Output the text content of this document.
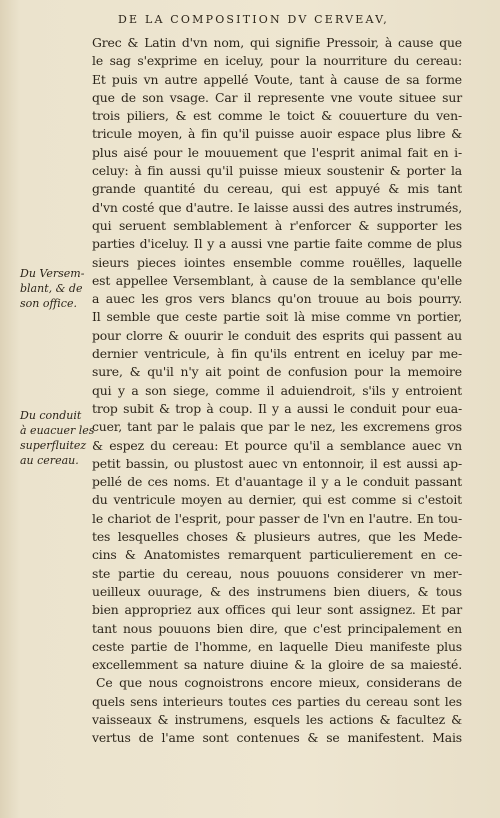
DE LA COMPOSITION DV CERVEAV,
Du Versem-
blant, & de
son office.
Du conduit
à euacuer les
superfluitez
au cereau.
Grec & Latin d'vn nom, qui signifie Pressoir, à cause que
le sag s'exprime en iceluy, pour la nourriture du cereau:
Et puis vn autre appellé Voute, tant à cause de sa forme
que de son vsage. Car il represente vne voute situee sur
trois piliers, & est comme le toict & couuerture du ven-
tricule moyen, à fin qu'il puisse auoir espace plus libre &
plus aisé pour le mouuement que l'esprit animal fait en i-
celuy: à fin aussi qu'il puisse mieux soustenir & porter la
grande quantité du cereau, qui est appuyé & mis tant
d'vn costé que d'autre. Ie laisse aussi des autres instrumés,
qui seruent semblablement à r'enforcer & supporter les
parties d'iceluy. Il y a aussi vne partie faite comme de plus
sieurs pieces iointes ensemble comme rouëlles, laquelle
est appellee Versemblant, à cause de la semblance qu'elle
a auec les gros vers blancs qu'on trouue au bois pourry.
Il semble que ceste partie soit là mise comme vn portier,
pour clorre & ouurir le conduit des esprits qui passent au
dernier ventricule, à fin qu'ils entrent en iceluy par me-
sure, & qu'il n'y ait point de confusion pour la memoire
qui y a son siege, comme il aduiendroit, s'ils y entroient
trop subit & trop à coup. Il y a aussi le conduit pour eua-
cuer, tant par le palais que par le nez, les excremens gros
& espez du cereau: Et pource qu'il a semblance auec vn
petit bassin, ou plustost auec vn entonnoir, il est aussi ap-
pellé de ces noms. Et d'auantage il y a le conduit passant
du ventricule moyen au dernier, qui est comme si c'estoit
le chariot de l'esprit, pour passer de l'vn en l'autre. En tou-
tes lesquelles choses & plusieurs autres, que les Mede-
cins & Anatomistes remarquent particulierement en ce-
ste partie du cereau, nous pouuons considerer vn mer-
ueilleux ouurage, & des instrumens bien diuers, & tous
bien appropriez aux offices qui leur sont assignez. Et par
tant nous pouuons bien dire, que c'est principalement en
ceste partie de l'homme, en laquelle Dieu manifeste plus
excellemment sa nature diuine & la gloire de sa maiesté.
Ce que nous cognoistrons encore mieux, considerans de
quels sens interieurs toutes ces parties du cereau sont les
vaisseaux & instrumens, esquels les actions & facultez &
vertus de l'ame sont contenues & se manifestent. Mais
